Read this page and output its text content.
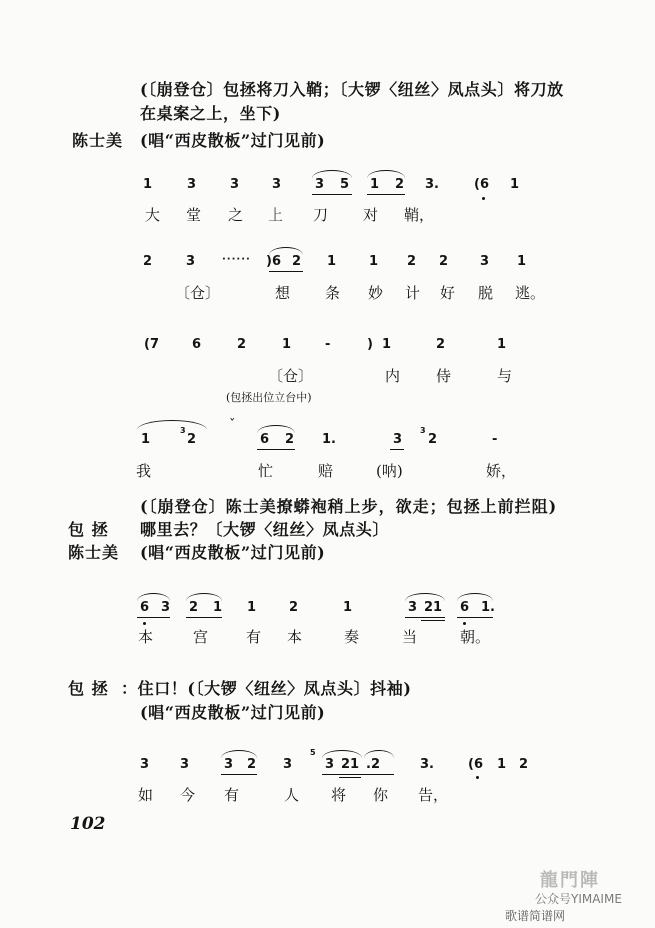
(〔崩登仓〕包拯将刀入鞘；〔大锣〈纽丝〉凤点头〕将刀放
在桌案之上，坐下)
陈士美 (唱“西皮散板”过门见前)
1	3	3	3	3 5 1 2 3.	(6 1
大 堂 之 上 刀 对 鞘，
2	3	······ )6 2 1	1 2 2 3 1
〔仓〕	想 条 妙 计 好 脱 逃。
(7	6	2	1	-	) 1	2	1
〔仓〕	内 侍	与
(包拯出位立台中)
1
3
2
ˇ
6 2 1.	3
3
2	-
我	忙	赔	(呐)	娇，
(〔崩登仓〕陈士美撩蟒袍稍上步，欲走；包拯上前拦阻)
包 拯 哪里去？〔大锣〈纽丝〉凤点头〕
陈士美 (唱“西皮散板”过门见前)
6 3 2 1 1	2	1	3 21 6 1.
本	宫	有 本	奏	当	朝。
包 拯 ：住口！(〔大锣〈纽丝〉凤点头〕抖袖)
(唱“西皮散板”过门见前)
3 3	3 2 3
5
3 21 .2	3.	(6 1 2
如 今 有	人 将 你 告，
102
龍門陣
公众号YIMAIME
歌谱简谱网
